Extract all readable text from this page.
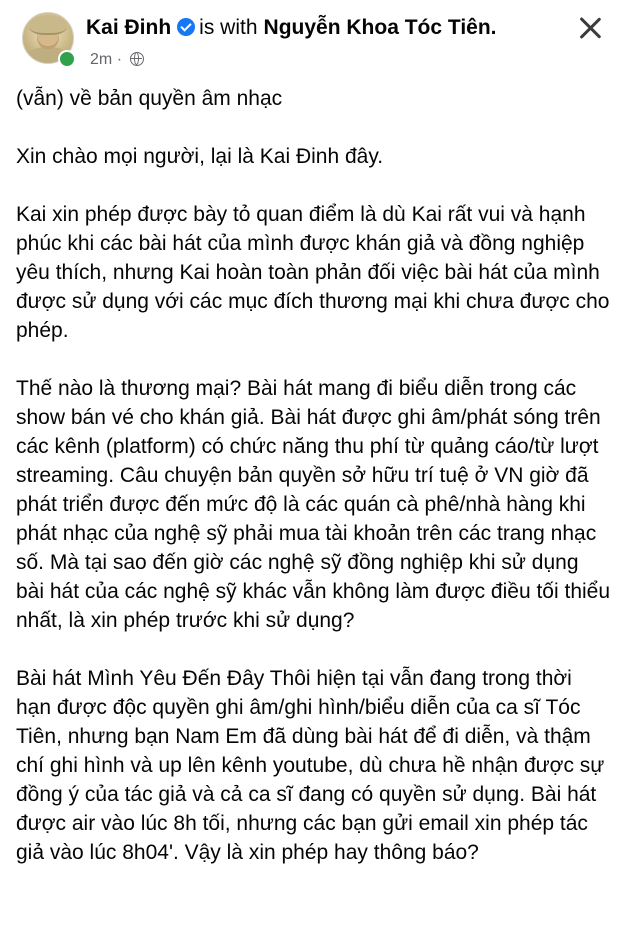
Kai Đinh is with Nguyễn Khoa Tóc Tiên.
2m ·

(vẫn) về bản quyền âm nhạc

Xin chào mọi người, lại là Kai Đinh đây.

Kai xin phép được bày tỏ quan điểm là dù Kai rất vui và hạnh phúc khi các bài hát của mình được khán giả và đồng nghiệp yêu thích, nhưng Kai hoàn toàn phản đối việc bài hát của mình được sử dụng với các mục đích thương mại khi chưa được cho phép.

Thế nào là thương mại? Bài hát mang đi biểu diễn trong các show bán vé cho khán giả. Bài hát được ghi âm/phát sóng trên các kênh (platform) có chức năng thu phí từ quảng cáo/từ lượt streaming. Câu chuyện bản quyền sở hữu trí tuệ ở VN giờ đã phát triển được đến mức độ là các quán cà phê/nhà hàng khi phát nhạc của nghệ sỹ phải mua tài khoản trên các trang nhạc số. Mà tại sao đến giờ các nghệ sỹ đồng nghiệp khi sử dụng bài hát của các nghệ sỹ khác vẫn không làm được điều tối thiểu nhất, là xin phép trước khi sử dụng?

Bài hát Mình Yêu Đến Đây Thôi hiện tại vẫn đang trong thời hạn được độc quyền ghi âm/ghi hình/biểu diễn của ca sĩ Tóc Tiên, nhưng bạn Nam Em đã dùng bài hát để đi diễn, và thậm chí ghi hình và up lên kênh youtube, dù chưa hề nhận được sự đồng ý của tác giả và cả ca sĩ đang có quyền sử dụng. Bài hát được air vào lúc 8h tối, nhưng các bạn gửi email xin phép tác giả vào lúc 8h04'. Vậy là xin phép hay thông báo?
